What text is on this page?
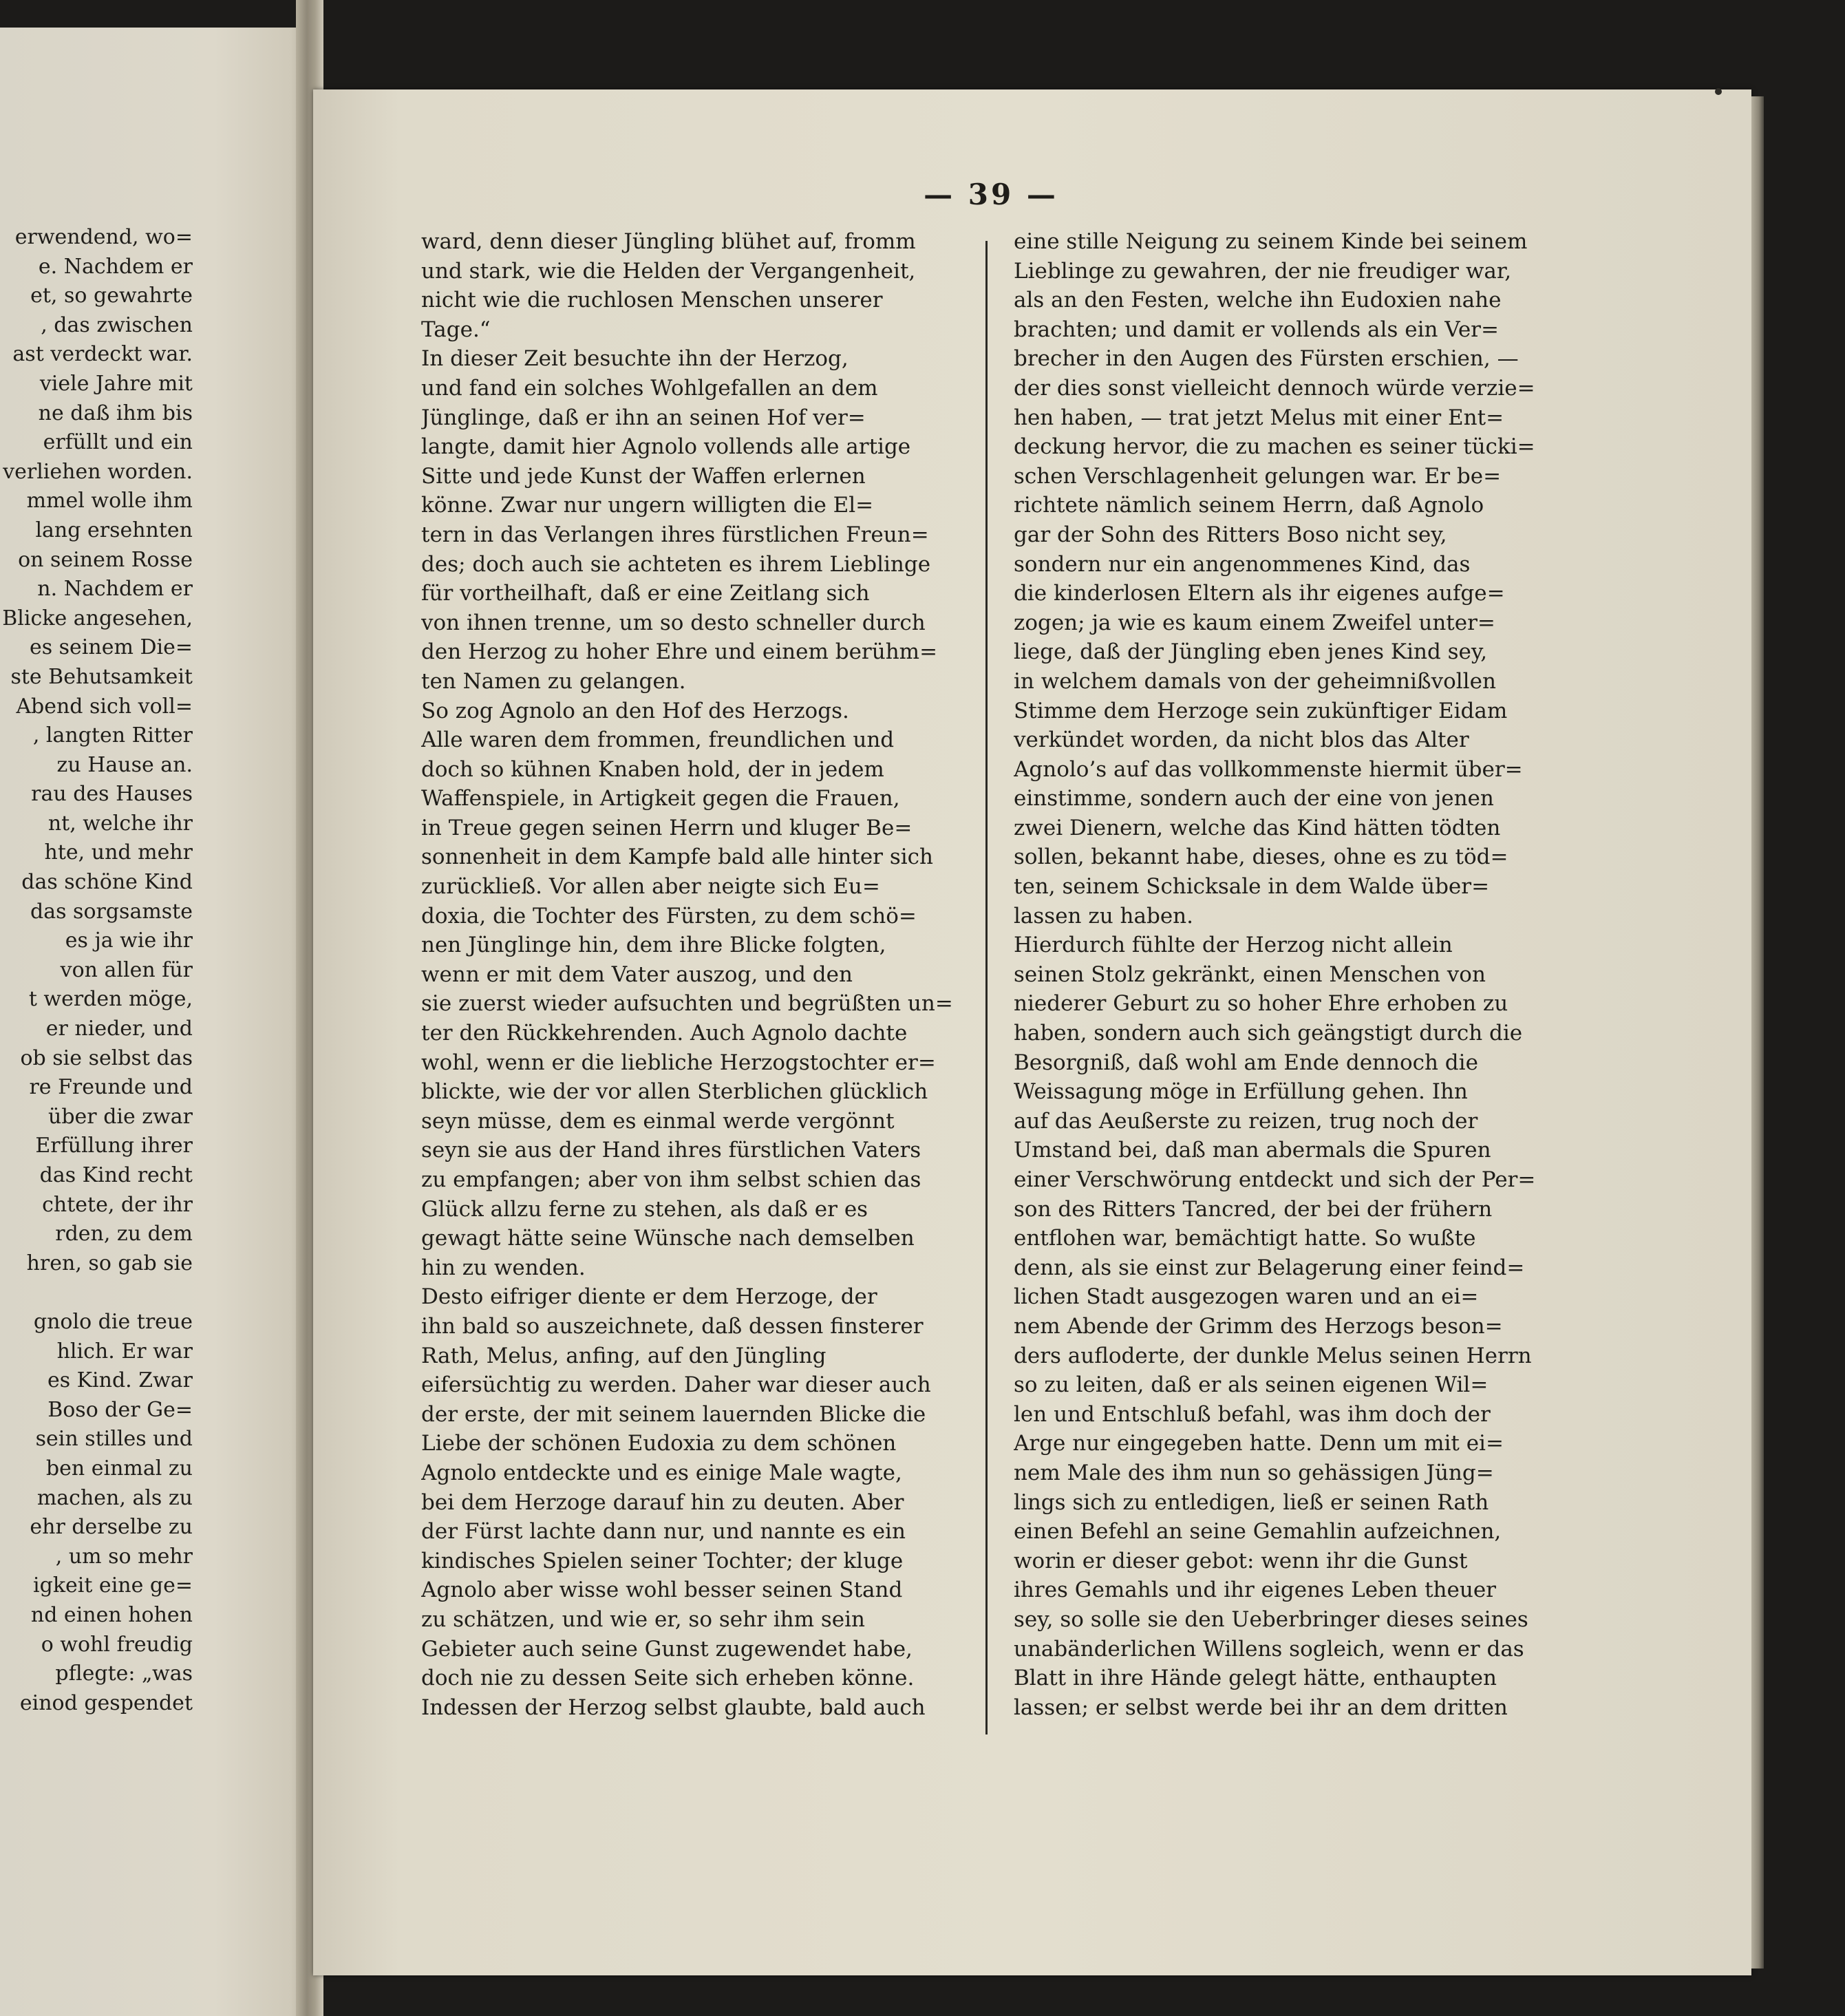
— 39 —
erwendend, wo=
e. Nachdem er
et, so gewahrte
, das zwischen
ast verdeckt war.
viele Jahre mit
ne daß ihm bis
erfüllt und ein
verliehen worden.
mmel wolle ihm
lang ersehnten
on seinem Rosse
n. Nachdem er
Blicke angesehen,
es seinem Die=
ste Behutsamkeit
Abend sich voll=
, langten Ritter
zu Hause an.
rau des Hauses
nt, welche ihr
hte, und mehr
das schöne Kind
das sorgsamste
es ja wie ihr
von allen für
t werden möge,
er nieder, und
ob sie selbst das
re Freunde und
über die zwar
Erfüllung ihrer
das Kind recht
chtete, der ihr
rden, zu dem
hren, so gab sie
gnolo die treue
hlich. Er war
es Kind. Zwar
Boso der Ge=
sein stilles und
ben einmal zu
machen, als zu
ehr derselbe zu
, um so mehr
igkeit eine ge=
nd einen hohen
o wohl freudig
pflegte: „was
einod gespendet
ward, denn dieser Jüngling blühet auf, fromm
und stark, wie die Helden der Vergangenheit,
nicht wie die ruchlosen Menschen unserer
Tage.“
In dieser Zeit besuchte ihn der Herzog,
und fand ein solches Wohlgefallen an dem
Jünglinge, daß er ihn an seinen Hof ver=
langte, damit hier Agnolo vollends alle artige
Sitte und jede Kunst der Waffen erlernen
könne. Zwar nur ungern willigten die El=
tern in das Verlangen ihres fürstlichen Freun=
des; doch auch sie achteten es ihrem Lieblinge
für vortheilhaft, daß er eine Zeitlang sich
von ihnen trenne, um so desto schneller durch
den Herzog zu hoher Ehre und einem berühm=
ten Namen zu gelangen.
So zog Agnolo an den Hof des Herzogs.
Alle waren dem frommen, freundlichen und
doch so kühnen Knaben hold, der in jedem
Waffenspiele, in Artigkeit gegen die Frauen,
in Treue gegen seinen Herrn und kluger Be=
sonnenheit in dem Kampfe bald alle hinter sich
zurückließ. Vor allen aber neigte sich Eu=
doxia, die Tochter des Fürsten, zu dem schö=
nen Jünglinge hin, dem ihre Blicke folgten,
wenn er mit dem Vater auszog, und den
sie zuerst wieder aufsuchten und begrüßten un=
ter den Rückkehrenden. Auch Agnolo dachte
wohl, wenn er die liebliche Herzogstochter er=
blickte, wie der vor allen Sterblichen glücklich
seyn müsse, dem es einmal werde vergönnt
seyn sie aus der Hand ihres fürstlichen Vaters
zu empfangen; aber von ihm selbst schien das
Glück allzu ferne zu stehen, als daß er es
gewagt hätte seine Wünsche nach demselben
hin zu wenden.
Desto eifriger diente er dem Herzoge, der
ihn bald so auszeichnete, daß dessen finsterer
Rath, Melus, anfing, auf den Jüngling
eifersüchtig zu werden. Daher war dieser auch
der erste, der mit seinem lauernden Blicke die
Liebe der schönen Eudoxia zu dem schönen
Agnolo entdeckte und es einige Male wagte,
bei dem Herzoge darauf hin zu deuten. Aber
der Fürst lachte dann nur, und nannte es ein
kindisches Spielen seiner Tochter; der kluge
Agnolo aber wisse wohl besser seinen Stand
zu schätzen, und wie er, so sehr ihm sein
Gebieter auch seine Gunst zugewendet habe,
doch nie zu dessen Seite sich erheben könne.
Indessen der Herzog selbst glaubte, bald auch
eine stille Neigung zu seinem Kinde bei seinem
Lieblinge zu gewahren, der nie freudiger war,
als an den Festen, welche ihn Eudoxien nahe
brachten; und damit er vollends als ein Ver=
brecher in den Augen des Fürsten erschien, —
der dies sonst vielleicht dennoch würde verzie=
hen haben, — trat jetzt Melus mit einer Ent=
deckung hervor, die zu machen es seiner tücki=
schen Verschlagenheit gelungen war. Er be=
richtete nämlich seinem Herrn, daß Agnolo
gar der Sohn des Ritters Boso nicht sey,
sondern nur ein angenommenes Kind, das
die kinderlosen Eltern als ihr eigenes aufge=
zogen; ja wie es kaum einem Zweifel unter=
liege, daß der Jüngling eben jenes Kind sey,
in welchem damals von der geheimnißvollen
Stimme dem Herzoge sein zukünftiger Eidam
verkündet worden, da nicht blos das Alter
Agnolo’s auf das vollkommenste hiermit über=
einstimme, sondern auch der eine von jenen
zwei Dienern, welche das Kind hätten tödten
sollen, bekannt habe, dieses, ohne es zu töd=
ten, seinem Schicksale in dem Walde über=
lassen zu haben.
Hierdurch fühlte der Herzog nicht allein
seinen Stolz gekränkt, einen Menschen von
niederer Geburt zu so hoher Ehre erhoben zu
haben, sondern auch sich geängstigt durch die
Besorgniß, daß wohl am Ende dennoch die
Weissagung möge in Erfüllung gehen. Ihn
auf das Aeußerste zu reizen, trug noch der
Umstand bei, daß man abermals die Spuren
einer Verschwörung entdeckt und sich der Per=
son des Ritters Tancred, der bei der frühern
entflohen war, bemächtigt hatte. So wußte
denn, als sie einst zur Belagerung einer feind=
lichen Stadt ausgezogen waren und an ei=
nem Abende der Grimm des Herzogs beson=
ders aufloderte, der dunkle Melus seinen Herrn
so zu leiten, daß er als seinen eigenen Wil=
len und Entschluß befahl, was ihm doch der
Arge nur eingegeben hatte. Denn um mit ei=
nem Male des ihm nun so gehässigen Jüng=
lings sich zu entledigen, ließ er seinen Rath
einen Befehl an seine Gemahlin aufzeichnen,
worin er dieser gebot: wenn ihr die Gunst
ihres Gemahls und ihr eigenes Leben theuer
sey, so solle sie den Ueberbringer dieses seines
unabänderlichen Willens sogleich, wenn er das
Blatt in ihre Hände gelegt hätte, enthaupten
lassen; er selbst werde bei ihr an dem dritten
